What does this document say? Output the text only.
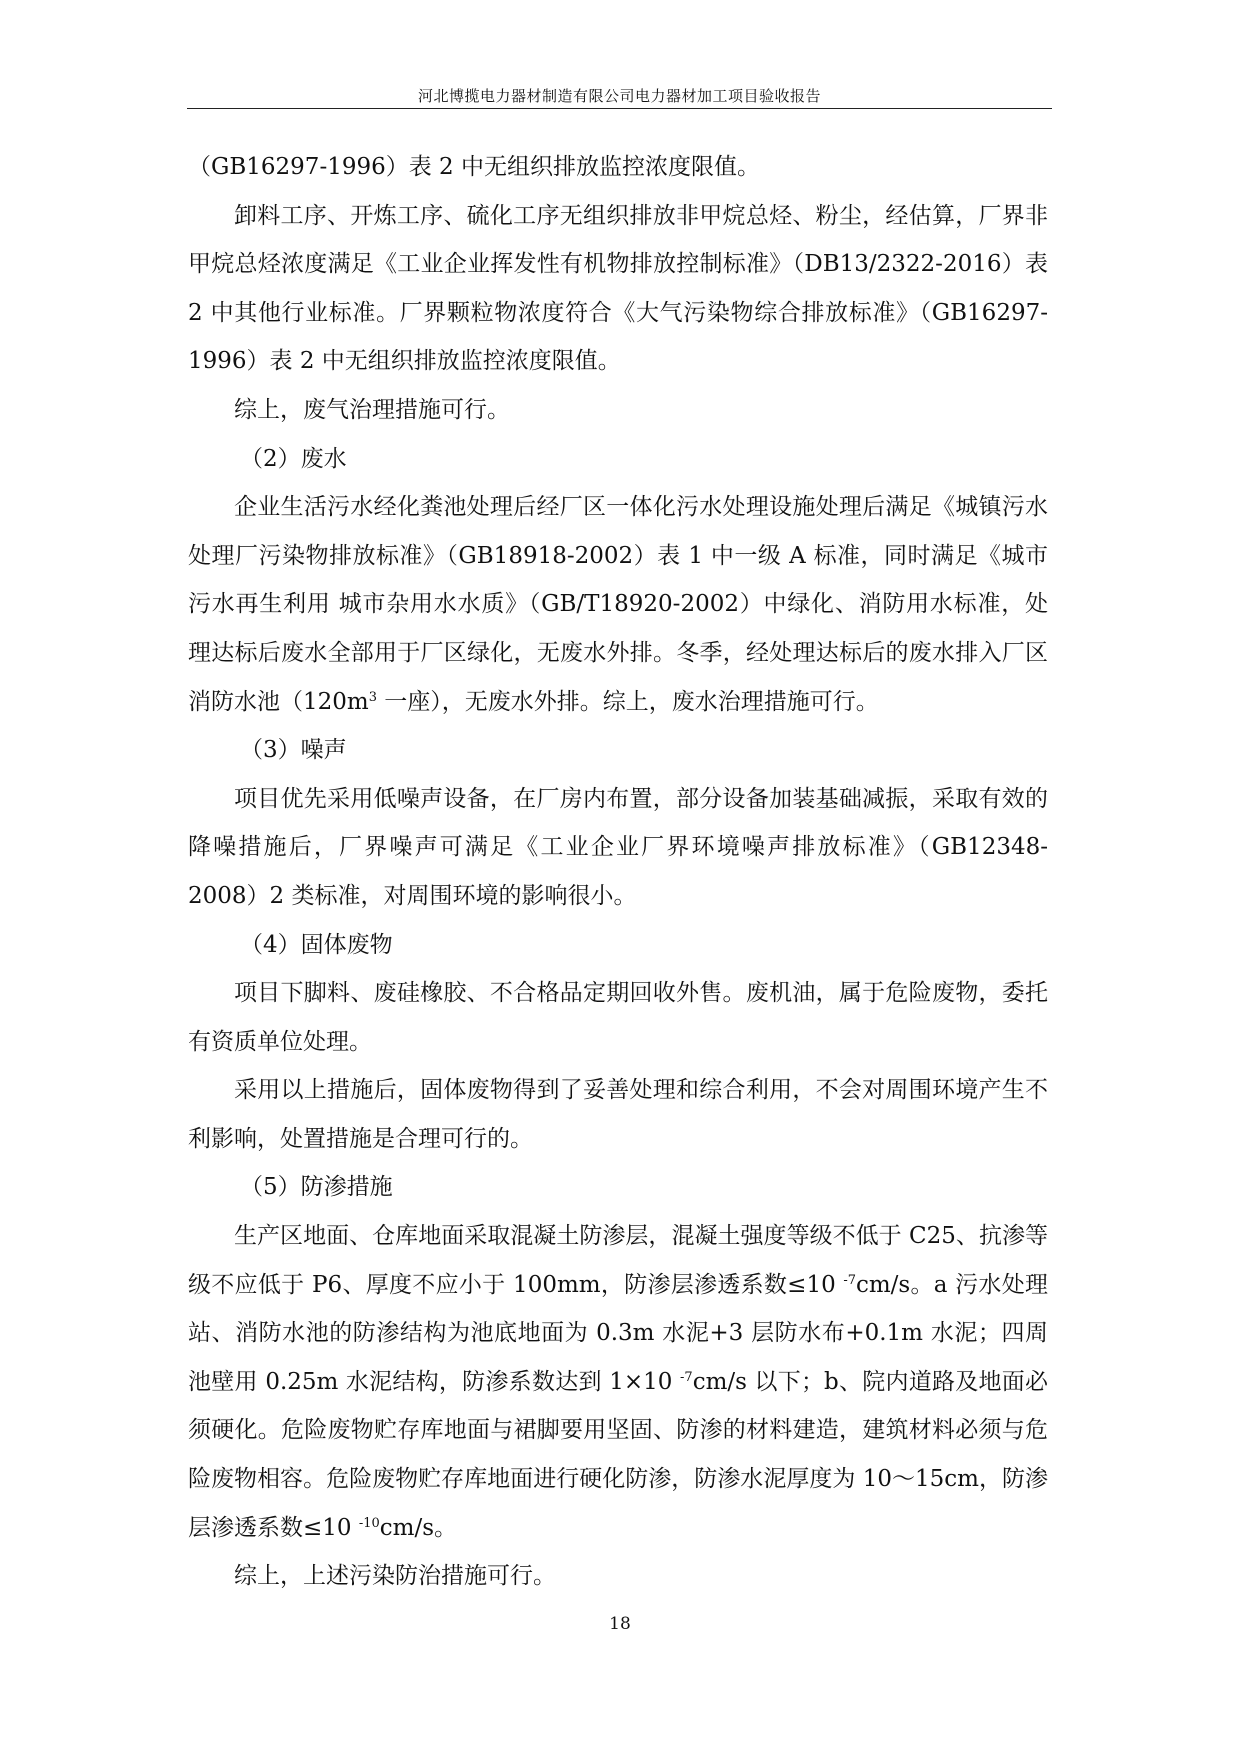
河北博揽电力器材制造有限公司电力器材加工项目验收报告

（GB16297-1996）表 2 中无组织排放监控浓度限值。

卸料工序、开炼工序、硫化工序无组织排放非甲烷总烃、粉尘，经估算，厂界非甲烷总烃浓度满足《工业企业挥发性有机物排放控制标准》（DB13/2322-2016）表 2 中其他行业标准。厂界颗粒物浓度符合《大气污染物综合排放标准》（GB16297-1996）表 2 中无组织排放监控浓度限值。

综上，废气治理措施可行。

（2）废水

企业生活污水经化粪池处理后经厂区一体化污水处理设施处理后满足《城镇污水处理厂污染物排放标准》（GB18918-2002）表 1 中一级 A 标准，同时满足《城市污水再生利用 城市杂用水水质》（GB/T18920-2002）中绿化、消防用水标准，处理达标后废水全部用于厂区绿化，无废水外排。冬季，经处理达标后的废水排入厂区消防水池（$120m^3$ 一座），无废水外排。综上，废水治理措施可行。

（3）噪声

项目优先采用低噪声设备，在厂房内布置，部分设备加装基础减振，采取有效的降噪措施后，厂界噪声可满足《工业企业厂界环境噪声排放标准》（GB12348-2008）2 类标准，对周围环境的影响很小。

（4）固体废物

项目下脚料、废硅橡胶、不合格品定期回收外售。废机油，属于危险废物，委托有资质单位处理。

采用以上措施后，固体废物得到了妥善处理和综合利用，不会对周围环境产生不利影响，处置措施是合理可行的。

（5）防渗措施

生产区地面、仓库地面采取混凝土防渗层，混凝土强度等级不低于 C25、抗渗等级不应低于 P6、厚度不应小于 100mm，防渗层渗透系数≤10 $^{-7}$cm/s。a 污水处理站、消防水池的防渗结构为池底地面为 0.3m 水泥+3 层防水布+0.1m 水泥；四周池壁用 0.25m 水泥结构，防渗系数达到 1×10 $^{-7}$cm/s 以下；b、院内道路及地面必须硬化。危险废物贮存库地面与裙脚要用坚固、防渗的材料建造，建筑材料必须与危险废物相容。危险废物贮存库地面进行硬化防渗，防渗水泥厚度为 10～15cm，防渗层渗透系数≤10 $^{-10}$cm/s。

综上，上述污染防治措施可行。

18
